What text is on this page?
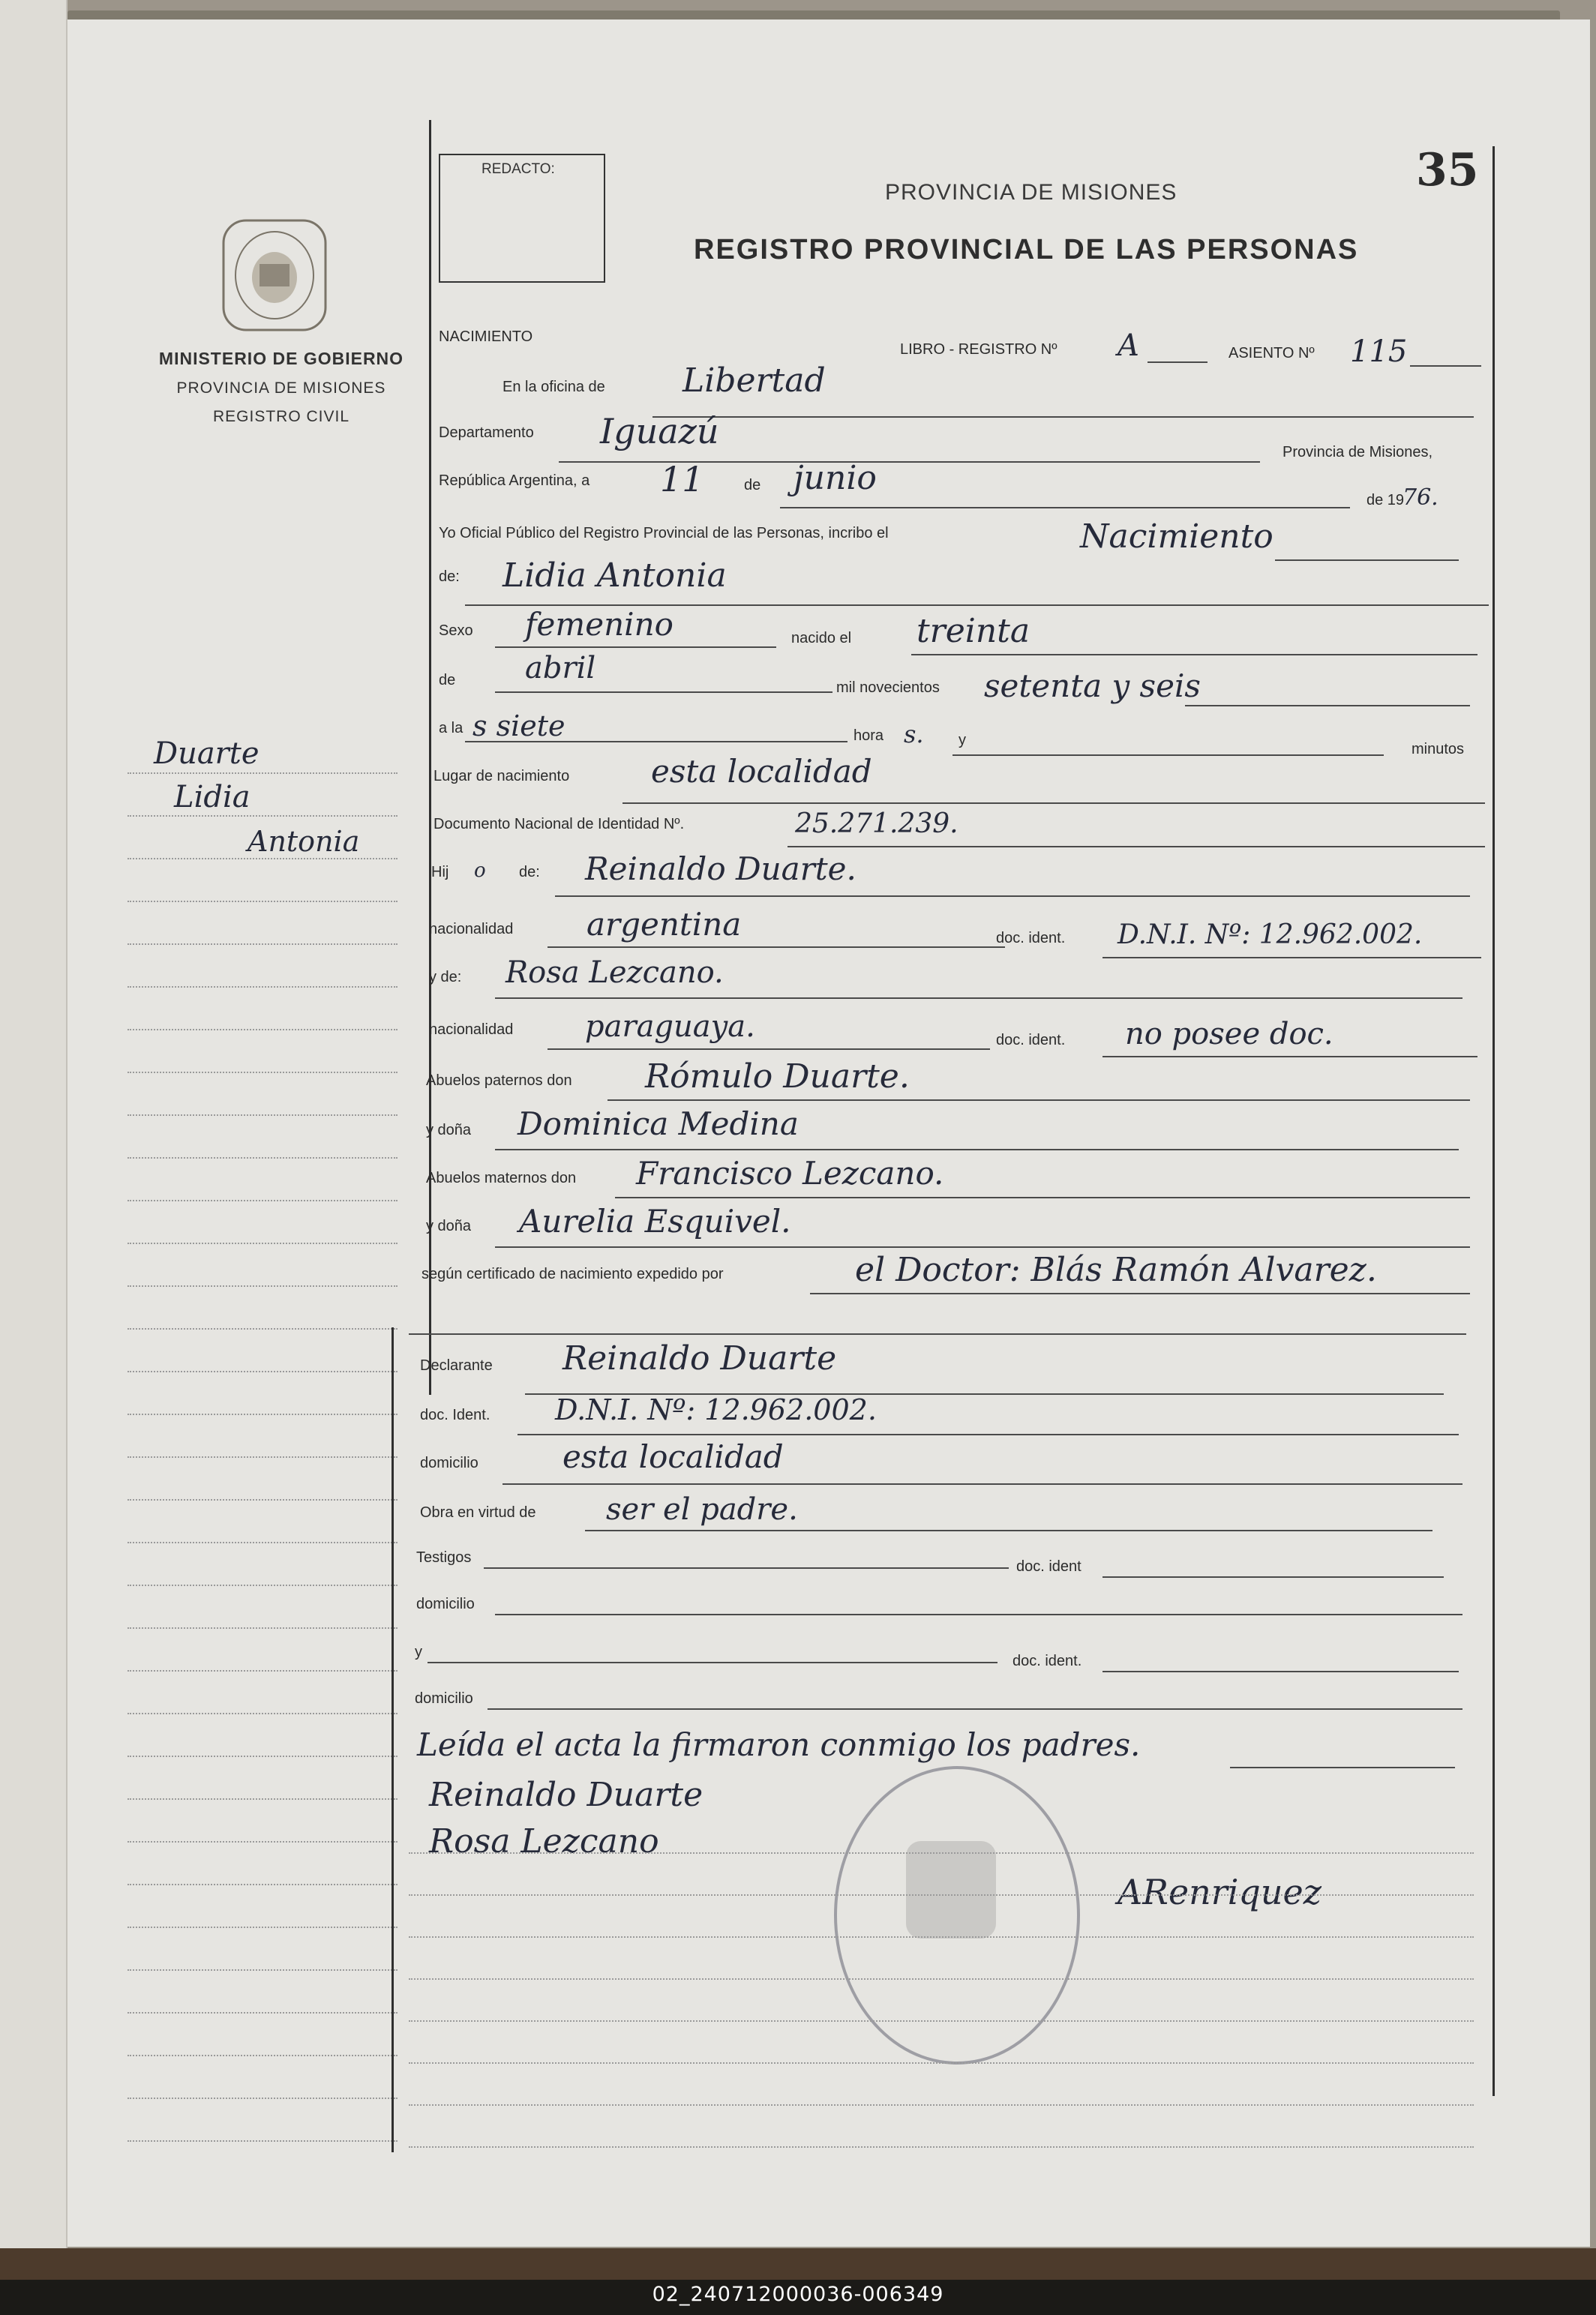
REDACTO:	35
PROVINCIA DE MISIONES
REGISTRO PROVINCIAL DE LAS PERSONAS
MINISTERIO DE GOBIERNO
PROVINCIA DE MISIONES
REGISTRO CIVIL
Duarte
Lidia
Antonia
NACIMIENTO
LIBRO - REGISTRO Nº A	ASIENTO Nº 115
En la oficina de Libertad
Departamento Iguazú
Provincia de Misiones,
República Argentina, a 11	de junio
de 19
76.
Yo Oficial Público del Registro Provincial de las Personas, incribo el	Nacimiento
de: Lidia Antonia
Sexo femenino	nacido el treinta
de abril
mil novecientos setenta y seis
a la s siete	hora s. y
minutos
Lugar de nacimiento	esta localidad
Documento Nacional de Identidad Nº.	25.271.239.
Hij o de: Reinaldo Duarte.
nacionalidad argentina	doc. ident. D.N.I. Nº: 12.962.002.
y de: Rosa Lezcano.
nacionalidad paraguaya.	doc. ident. no posee doc.
Abuelos paternos don Rómulo Duarte.
y doña Dominica Medina
Abuelos maternos don Francisco Lezcano.
y doña Aurelia Esquivel.
según certificado de nacimiento expedido por	el Doctor: Blás Ramón Alvarez.
Declarante Reinaldo Duarte
doc. Ident. D.N.I. Nº: 12.962.002.
domicilio	esta localidad
Obra en virtud de ser el padre.
Testigos
doc. ident
domicilio
y
doc. ident.
domicilio
Leída el acta la firmaron conmigo los padres.
Reinaldo Duarte
Rosa Lezcano
ARenriquez
02_240712000036-006349
